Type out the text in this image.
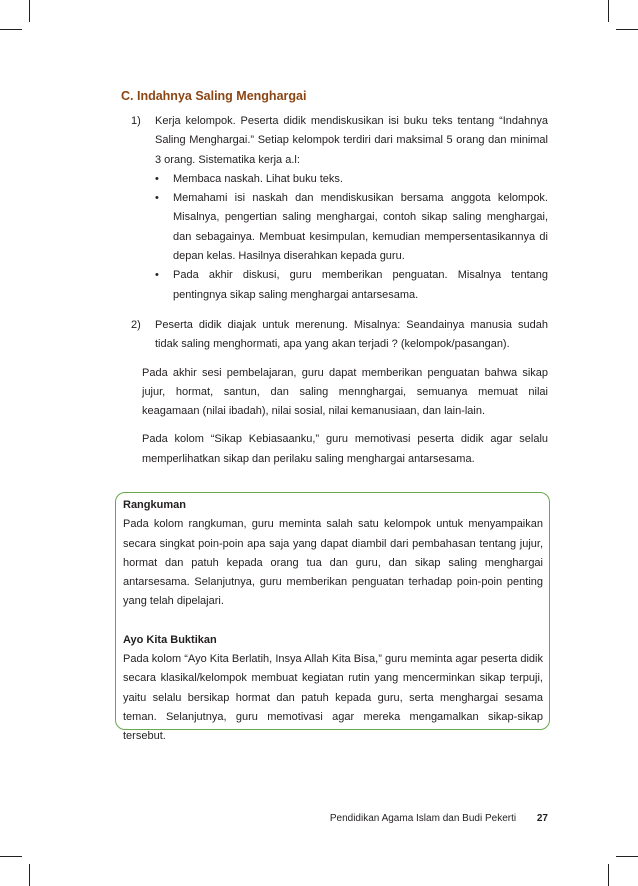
C. Indahnya Saling Menghargai
1) Kerja kelompok. Peserta didik mendiskusikan isi buku teks tentang “Indahnya Saling Menghargai.” Setiap kelompok terdiri dari maksimal 5 orang dan minimal 3 orang. Sistematika kerja a.l:
• Membaca naskah. Lihat buku teks.
• Memahami isi naskah dan mendiskusikan bersama anggota kelompok. Misalnya, pengertian saling menghargai, contoh sikap saling menghargai, dan sebagainya. Membuat kesimpulan, kemudian mempersentasikannya di depan kelas. Hasilnya diserahkan kepada guru.
• Pada akhir diskusi, guru memberikan penguatan. Misalnya tentang pentingnya sikap saling menghargai antarsesama.
2) Peserta didik diajak untuk merenung. Misalnya: Seandainya manusia sudah tidak saling menghormati, apa yang akan terjadi ? (kelompok/pasangan).

Pada akhir sesi pembelajaran, guru dapat memberikan penguatan bahwa sikap jujur, hormat, santun, dan saling mennghargai, semuanya memuat nilai keagamaan (nilai ibadah), nilai sosial, nilai kemanusiaan, dan lain-lain.

Pada kolom “Sikap Kebiasaanku,” guru memotivasi peserta didik agar selalu memperlihatkan sikap dan perilaku saling menghargai antarsesama.

Rangkuman

Pada kolom rangkuman, guru meminta salah satu kelompok untuk menyampaikan secara singkat poin-poin apa saja yang dapat diambil dari pembahasan tentang jujur, hormat dan patuh kepada orang tua dan guru, dan sikap saling menghargai antarsesama. Selanjutnya, guru memberikan penguatan terhadap poin-poin penting yang telah dipelajari.

Ayo Kita Buktikan

Pada kolom “Ayo Kita Berlatih, Insya Allah Kita Bisa,” guru meminta agar peserta didik secara klasikal/kelompok membuat kegiatan rutin yang mencerminkan sikap terpuji, yaitu selalu bersikap hormat dan patuh kepada guru, serta menghargai sesama teman. Selanjutnya, guru memotivasi agar mereka mengamalkan sikap-sikap tersebut.

Pendidikan Agama Islam dan Budi Pekerti 27
